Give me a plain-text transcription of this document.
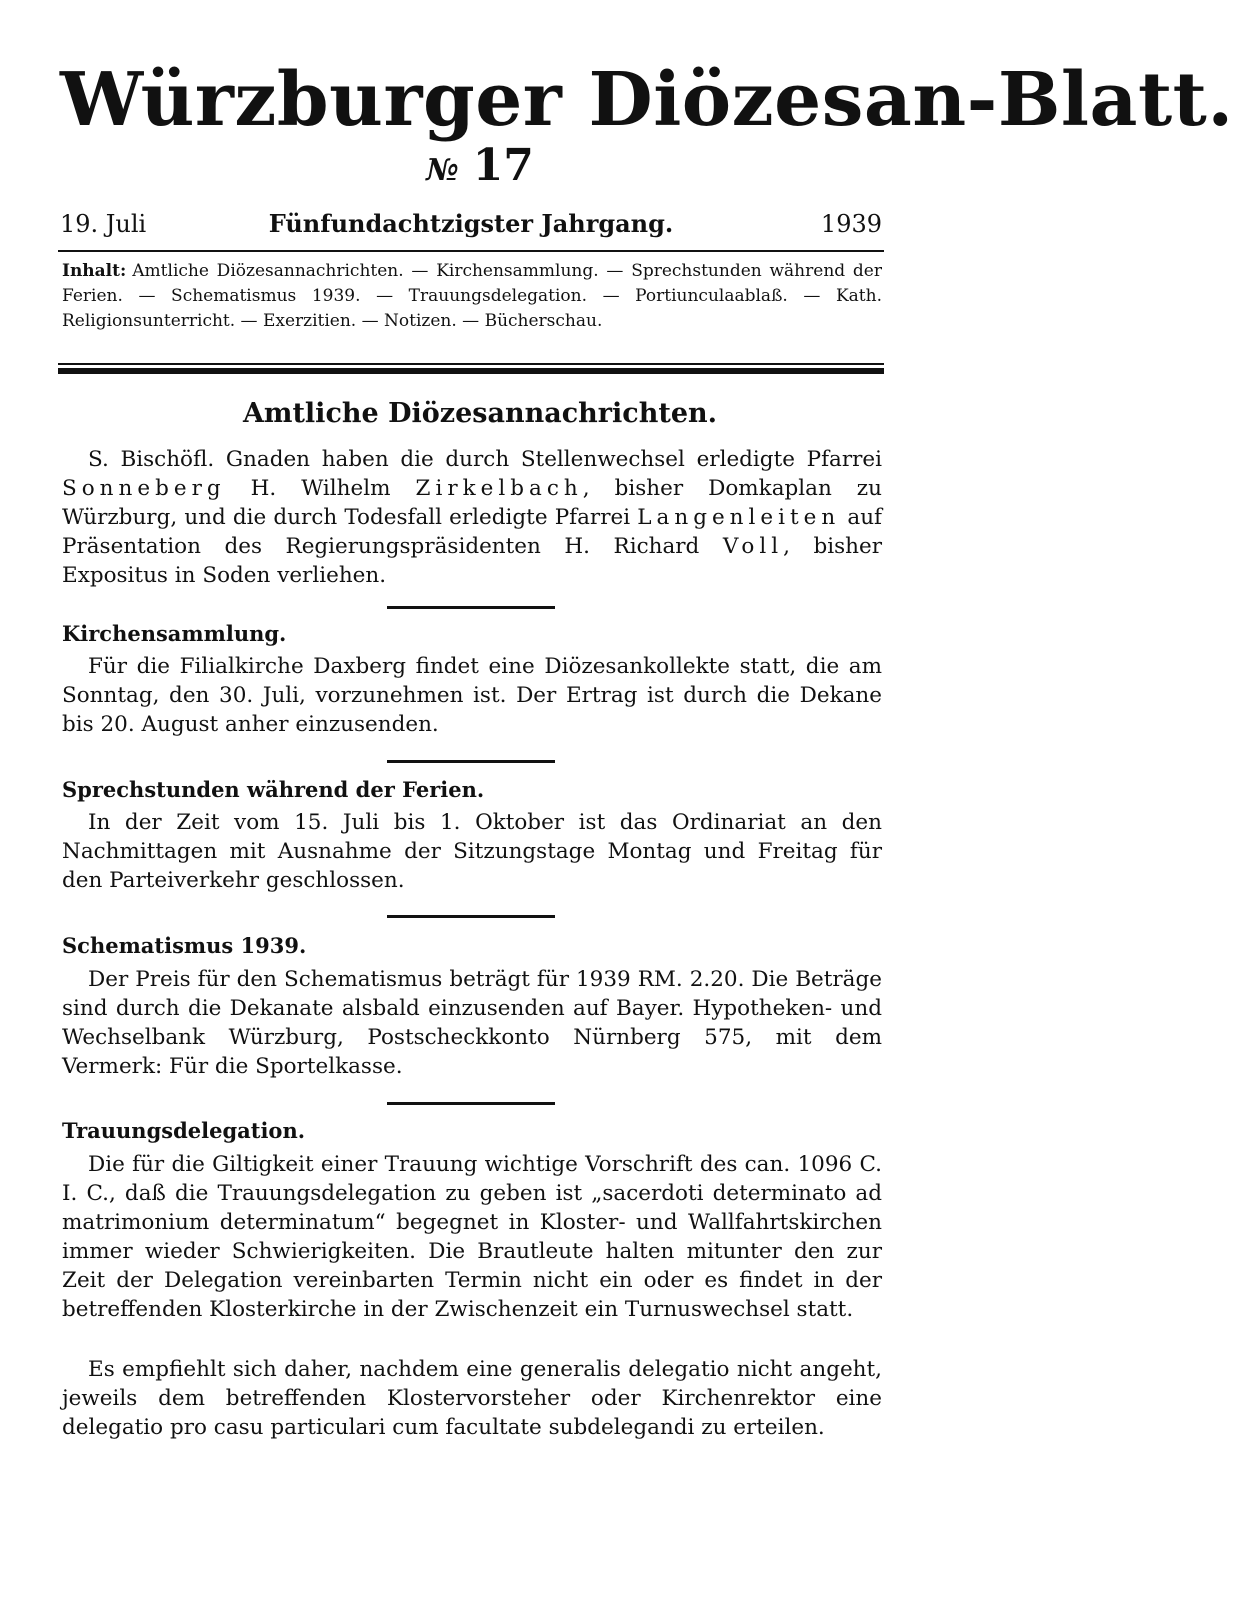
Würzburger Diözesan-Blatt.
№ 17
19. Juli	Fünfundachtzigster Jahrgang.	1939
Inhalt: Amtliche Diözesannachrichten. — Kirchensammlung. — Sprechstunden während der Ferien. — Schematismus 1939. — Trauungsdelegation. — Portiunculaablaß. — Kath. Religionsunterricht. — Exerzitien. — Notizen. — Bücherschau.
Amtliche Diözesannachrichten.

S. Bischöfl. Gnaden haben die durch Stellenwechsel erledigte Pfarrei Sonneberg H. Wilhelm Zirkelbach, bisher Domkaplan zu Würzburg, und die durch Todesfall erledigte Pfarrei Langenleiten auf Präsentation des Regierungspräsidenten H. Richard Voll, bisher Expositus in Soden verliehen.

Kirchensammlung.

Für die Filialkirche Daxberg findet eine Diözesankollekte statt, die am Sonntag, den 30. Juli, vorzunehmen ist. Der Ertrag ist durch die Dekane bis 20. August anher einzusenden.

Sprechstunden während der Ferien.

In der Zeit vom 15. Juli bis 1. Oktober ist das Ordinariat an den Nachmittagen mit Ausnahme der Sitzungstage Montag und Freitag für den Parteiverkehr geschlossen.

Schematismus 1939.

Der Preis für den Schematismus beträgt für 1939 RM. 2.20. Die Beträge sind durch die Dekanate alsbald einzusenden auf Bayer. Hypotheken- und Wechselbank Würzburg, Postscheckkonto Nürnberg 575, mit dem Vermerk: Für die Sportelkasse.

Trauungsdelegation.

Die für die Giltigkeit einer Trauung wichtige Vorschrift des can. 1096 C. I. C., daß die Trauungsdelegation zu geben ist „sacerdoti determinato ad matrimonium determinatum“ begegnet in Kloster- und Wallfahrtskirchen immer wieder Schwierigkeiten. Die Brautleute halten mitunter den zur Zeit der Delegation vereinbarten Termin nicht ein oder es findet in der betreffenden Klosterkirche in der Zwischenzeit ein Turnuswechsel statt.

Es empfiehlt sich daher, nachdem eine generalis delegatio nicht angeht, jeweils dem betreffenden Klostervorsteher oder Kirchenrektor eine delegatio pro casu particulari cum facultate subdelegandi zu erteilen.
